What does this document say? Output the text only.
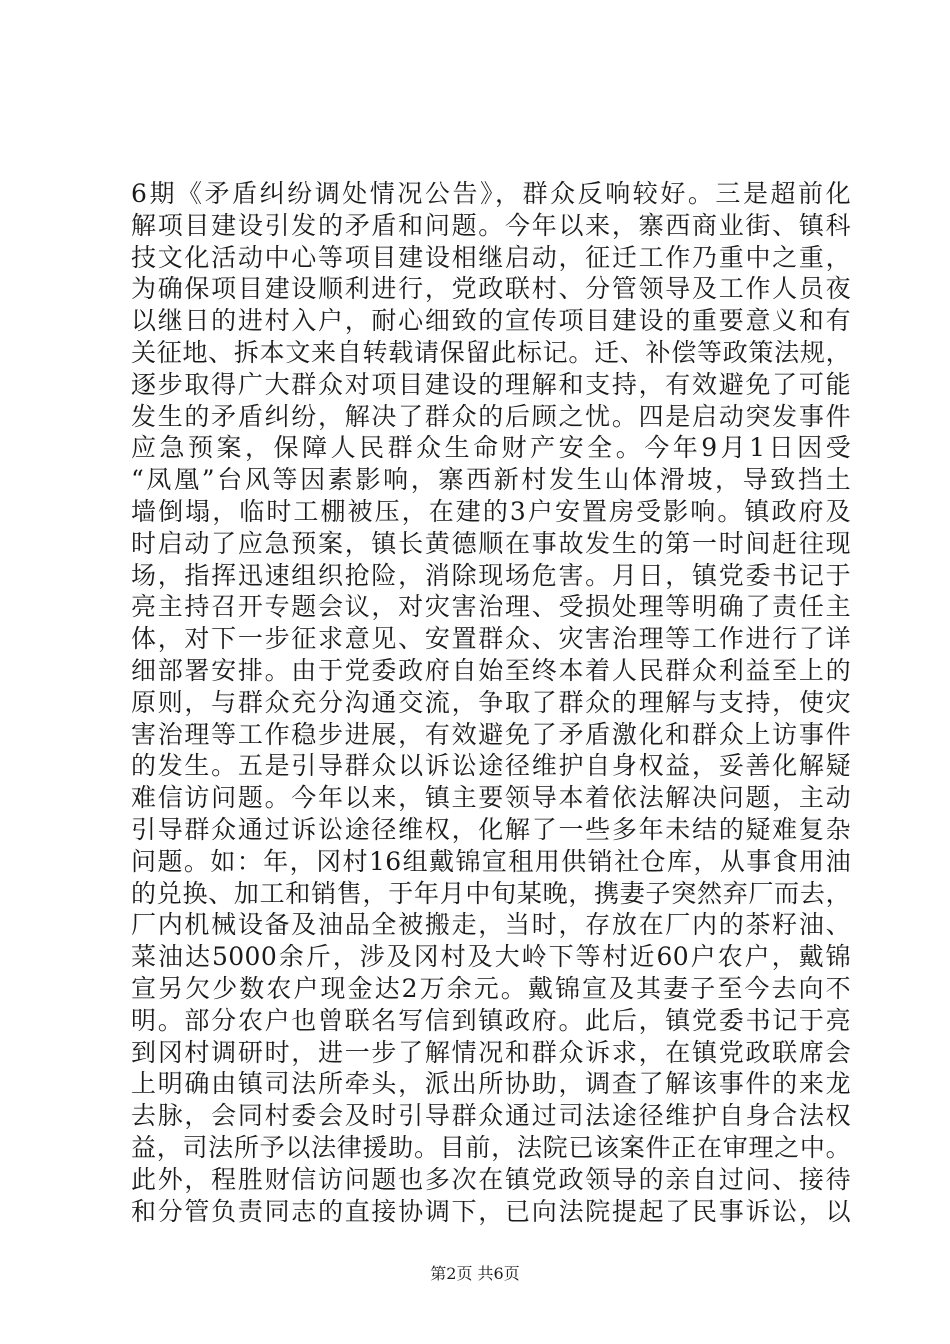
6期《矛盾纠纷调处情况公告》，群众反响较好。三是超前化
解项目建设引发的矛盾和问题。今年以来，寨西商业街、镇科
技文化活动中心等项目建设相继启动，征迁工作乃重中之重，
为确保项目建设顺利进行，党政联村、分管领导及工作人员夜
以继日的进村入户，耐心细致的宣传项目建设的重要意义和有
关征地、拆本文来自转载请保留此标记。迁、补偿等政策法规，
逐步取得广大群众对项目建设的理解和支持，有效避免了可能
发生的矛盾纠纷，解决了群众的后顾之忧。四是启动突发事件
应急预案，保障人民群众生命财产安全。今年9月1日因受
“凤凰”台风等因素影响，寨西新村发生山体滑坡，导致挡土
墙倒塌，临时工棚被压，在建的3户安置房受影响。镇政府及
时启动了应急预案，镇长黄德顺在事故发生的第一时间赶往现
场，指挥迅速组织抢险，消除现场危害。月日，镇党委书记于
亮主持召开专题会议，对灾害治理、受损处理等明确了责任主
体，对下一步征求意见、安置群众、灾害治理等工作进行了详
细部署安排。由于党委政府自始至终本着人民群众利益至上的
原则，与群众充分沟通交流，争取了群众的理解与支持，使灾
害治理等工作稳步进展，有效避免了矛盾激化和群众上访事件
的发生。五是引导群众以诉讼途径维护自身权益，妥善化解疑
难信访问题。今年以来，镇主要领导本着依法解决问题，主动
引导群众通过诉讼途径维权，化解了一些多年未结的疑难复杂
问题。如：年，冈村16组戴锦宣租用供销社仓库，从事食用油
的兑换、加工和销售，于年月中旬某晚，携妻子突然弃厂而去，
厂内机械设备及油品全被搬走，当时，存放在厂内的茶籽油、
菜油达5000余斤，涉及冈村及大岭下等村近60户农户，戴锦
宣另欠少数农户现金达2万余元。戴锦宣及其妻子至今去向不
明。部分农户也曾联名写信到镇政府。此后，镇党委书记于亮
到冈村调研时，进一步了解情况和群众诉求，在镇党政联席会
上明确由镇司法所牵头，派出所协助，调查了解该事件的来龙
去脉，会同村委会及时引导群众通过司法途径维护自身合法权
益，司法所予以法律援助。目前，法院已该案件正在审理之中。
此外，程胜财信访问题也多次在镇党政领导的亲自过问、接待
和分管负责同志的直接协调下，已向法院提起了民事诉讼，以
第2页 共6页
